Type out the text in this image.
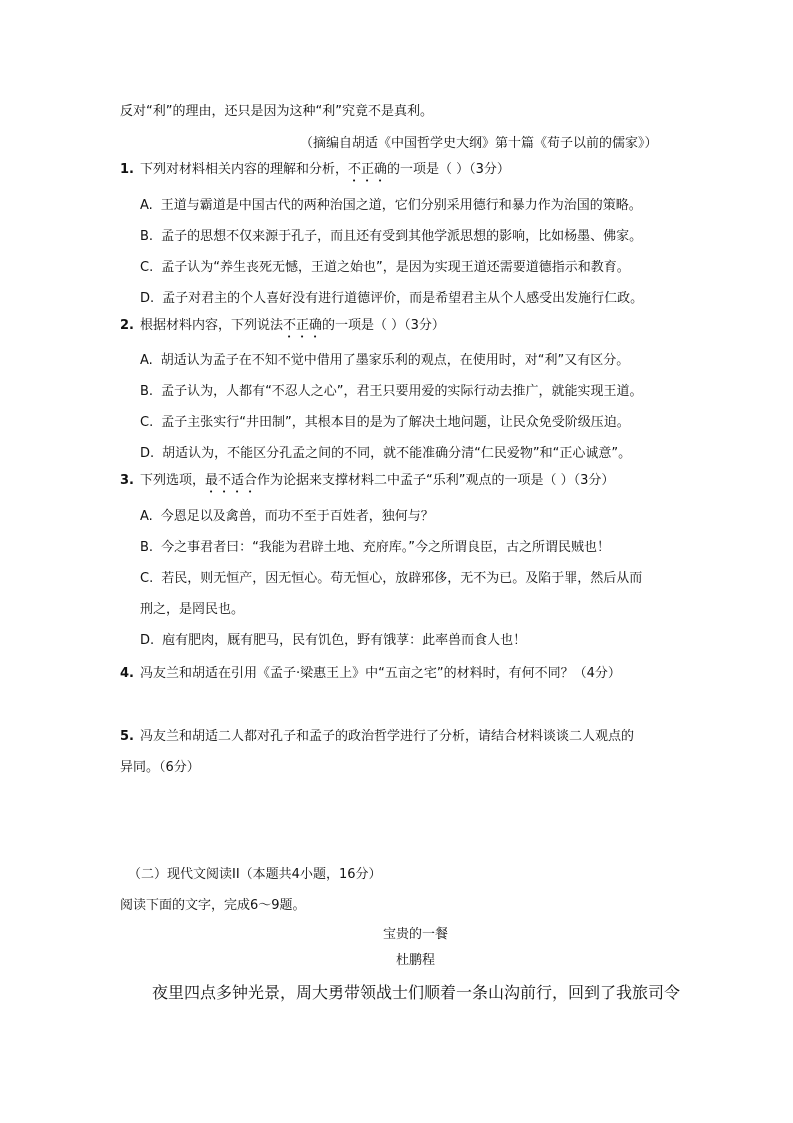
反对“利”的理由，还只是因为这种“利”究竟不是真利。
（摘编自胡适《中国哲学史大纲》第十篇《荀子以前的儒家》）
1. 下列对材料相关内容的理解和分析，不正确的一项是（ ）（3分）
A. 王道与霸道是中国古代的两种治国之道，它们分别采用德行和暴力作为治国的策略。
B. 孟子的思想不仅来源于孔子，而且还有受到其他学派思想的影响，比如杨墨、佛家。
C. 孟子认为“养生丧死无憾，王道之始也”，是因为实现王道还需要道德指示和教育。
D. 孟子对君主的个人喜好没有进行道德评价，而是希望君主从个人感受出发施行仁政。
2. 根据材料内容，下列说法不正确的一项是（ ）（3分）
A. 胡适认为孟子在不知不觉中借用了墨家乐利的观点，在使用时，对“利”又有区分。
B. 孟子认为，人都有“不忍人之心”，君王只要用爱的实际行动去推广，就能实现王道。
C. 孟子主张实行“井田制”，其根本目的是为了解决土地问题，让民众免受阶级压迫。
D. 胡适认为，不能区分孔孟之间的不同，就不能准确分清“仁民爱物”和“正心诚意”。
3. 下列选项，最不适合作为论据来支撑材料二中孟子“乐利”观点的一项是（ ）（3分）
A. 今恩足以及禽兽，而功不至于百姓者，独何与？
B. 今之事君者曰：“我能为君辟土地、充府库。”今之所谓良臣，古之所谓民贼也！
C. 若民，则无恒产，因无恒心。苟无恒心，放辟邪侈，无不为已。及陷于罪，然后从而
刑之，是罔民也。
D. 庖有肥肉，厩有肥马，民有饥色，野有饿莩：此率兽而食人也！
4. 冯友兰和胡适在引用《孟子·梁惠王上》中“五亩之宅”的材料时，有何不同？（4分）
5. 冯友兰和胡适二人都对孔子和孟子的政治哲学进行了分析，请结合材料谈谈二人观点的
异同。（6分）
（二）现代文阅读II（本题共4小题，16分）
阅读下面的文字，完成6～9题。
宝贵的一餐
杜鹏程
夜里四点多钟光景，周大勇带领战士们顺着一条山沟前行，回到了我旅司令
